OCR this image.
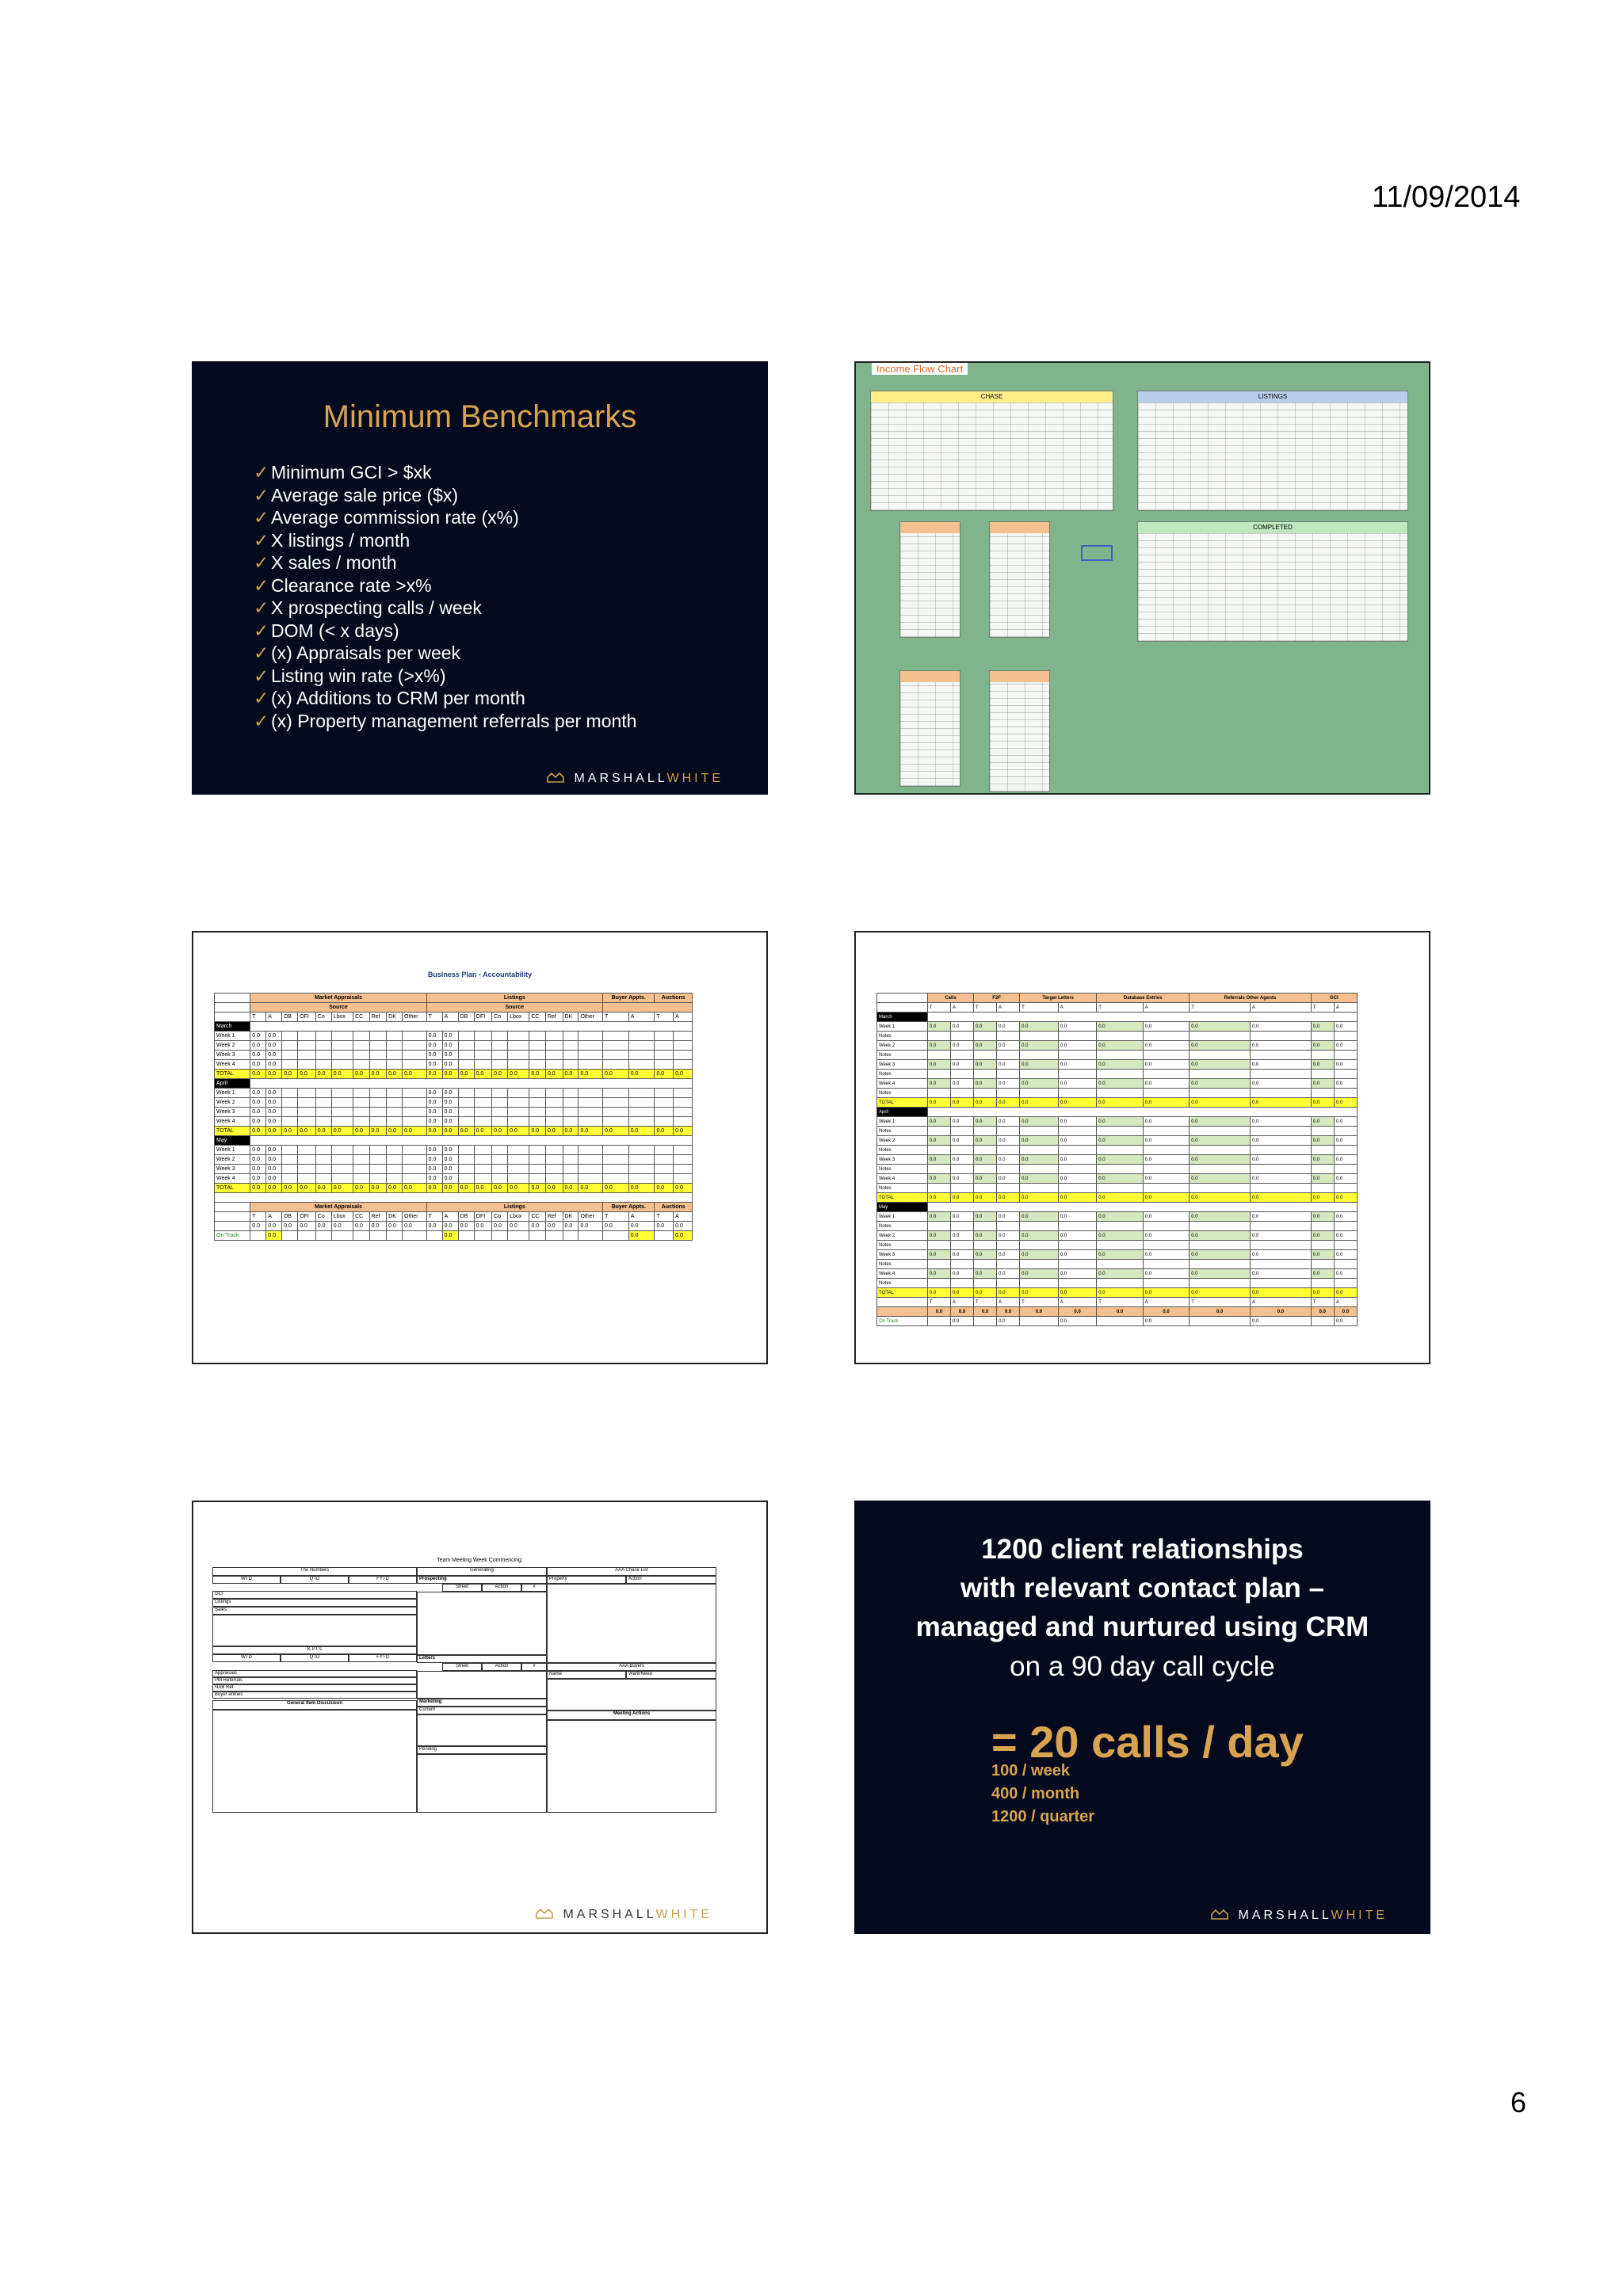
11/09/2014
Minimum Benchmarks
✓ Minimum GCI > $xk
✓ Average sale price ($x)
✓ Average commission rate (x%)
✓ X listings / month
✓ X sales / month
✓ Clearance rate >x%
✓ X prospecting calls / week
✓ DOM (< x days)
✓ (x) Appraisals per week
✓ Listing win rate (>x%)
✓ (x) Additions to CRM per month
✓ (x) Property management referrals per month
MARSHALLWHITE
Income Flow Chart
CHASE	LISTINGS
COMPLETED
Business Plan - Accountability
	Market Appraisals										Listings										Buyer Appts.		Auctions	
	Source										Source													
	T	A	DB	OFI	Co	Lbox	CC	Ref	DK	Other	T	A	DB	OFI	Co	Lbox	CC	Ref	DK	Other	T	A	T	A
March																								
Week 1	0.0	0.0									0.0	0.0												
Week 2	0.0	0.0									0.0	0.0												
Week 3	0.0	0.0									0.0	0.0												
Week 4	0.0	0.0									0.0	0.0												
TOTAL	0.0	0.0	0.0	0.0	0.0	0.0	0.0	0.0	0.0	0.0	0.0	0.0	0.0	0.0	0.0	0.0	0.0	0.0	0.0	0.0	0.0	0.0	0.0	0.0
April																								
Week 1	0.0	0.0									0.0	0.0												
Week 2	0.0	0.0									0.0	0.0												
Week 3	0.0	0.0									0.0	0.0												
Week 4	0.0	0.0									0.0	0.0												
TOTAL	0.0	0.0	0.0	0.0	0.0	0.0	0.0	0.0	0.0	0.0	0.0	0.0	0.0	0.0	0.0	0.0	0.0	0.0	0.0	0.0	0.0	0.0	0.0	0.0
May																								
Week 1	0.0	0.0									0.0	0.0												
Week 2	0.0	0.0									0.0	0.0												
Week 3	0.0	0.0									0.0	0.0												
Week 4	0.0	0.0									0.0	0.0												
TOTAL	0.0	0.0	0.0	0.0	0.0	0.0	0.0	0.0	0.0	0.0	0.0	0.0	0.0	0.0	0.0	0.0	0.0	0.0	0.0	0.0	0.0	0.0	0.0	0.0

	Market Appraisals										Listings										Buyer Appts.		Auctions	
	T	A	DB	OFI	Co	Lbox	CC	Ref	DK	Other	T	A	DB	OFI	Co	Lbox	CC	Ref	DK	Other	T	A	T	A
	0.0	0.0	0.0	0.0	0.0	0.0	0.0	0.0	0.0	0.0	0.0	0.0	0.0	0.0	0.0	0.0	0.0	0.0	0.0	0.0	0.0	0.0	0.0	0.0
On Track		0.0										0.0										0.0		0.0
	Calls		F2F		Target Letters		Database Entries		Referrals Other Agents		GCI	
	T	A	T	A	T	A	T	A	T	A	T	A
March												
Week 1	0.0	0.0	0.0	0.0	0.0	0.0	0.0	0.0	0.0	0.0	0.0	0.0
Notes												
Week 2	0.0	0.0	0.0	0.0	0.0	0.0	0.0	0.0	0.0	0.0	0.0	0.0
Notes												
Week 3	0.0	0.0	0.0	0.0	0.0	0.0	0.0	0.0	0.0	0.0	0.0	0.0
Notes												
Week 4	0.0	0.0	0.0	0.0	0.0	0.0	0.0	0.0	0.0	0.0	0.0	0.0
Notes												
TOTAL	0.0	0.0	0.0	0.0	0.0	0.0	0.0	0.0	0.0	0.0	0.0	0.0
April												
Week 1	0.0	0.0	0.0	0.0	0.0	0.0	0.0	0.0	0.0	0.0	0.0	0.0
Notes												
Week 2	0.0	0.0	0.0	0.0	0.0	0.0	0.0	0.0	0.0	0.0	0.0	0.0
Notes												
Week 3	0.0	0.0	0.0	0.0	0.0	0.0	0.0	0.0	0.0	0.0	0.0	0.0
Notes												
Week 4	0.0	0.0	0.0	0.0	0.0	0.0	0.0	0.0	0.0	0.0	0.0	0.0
Notes												
TOTAL	0.0	0.0	0.0	0.0	0.0	0.0	0.0	0.0	0.0	0.0	0.0	0.0
May												
Week 1	0.0	0.0	0.0	0.0	0.0	0.0	0.0	0.0	0.0	0.0	0.0	0.0
Notes												
Week 2	0.0	0.0	0.0	0.0	0.0	0.0	0.0	0.0	0.0	0.0	0.0	0.0
Notes												
Week 3	0.0	0.0	0.0	0.0	0.0	0.0	0.0	0.0	0.0	0.0	0.0	0.0
Notes												
Week 4	0.0	0.0	0.0	0.0	0.0	0.0	0.0	0.0	0.0	0.0	0.0	0.0
Notes												
TOTAL	0.0	0.0	0.0	0.0	0.0	0.0	0.0	0.0	0.0	0.0	0.0	0.0
	T	A	T	A	T	A	T	A	T	A	T	A
	0.0	0.0	0.0	0.0	0.0	0.0	0.0	0.0	0.0	0.0	0.0	0.0
On Track		0.0		0.0		0.0		0.0		0.0		0.0
Team Meeting Week Commencing:
The Numbers
WTD	QTD	FYTD
GCI
Listings
Sales
K.P.I.'s
WTD	QTD	FYTD
Appraisals
PM Referrals
NAB Ref
Buyer entries
General Item Discussion
Generating
Prospecting
Street	Action	#
Letters
Street	Action	#
Marketing
Current
Pending
AAA Chase List
Property	Action
AAA Buyers
Name	Want/Need
Meeting Actions
MARSHALLWHITE
1200 client relationships
with relevant contact plan –
managed and nurtured using CRM
on a 90 day call cycle
= 20 calls / day
100 / week
400 / month
1200 / quarter
MARSHALLWHITE
6
